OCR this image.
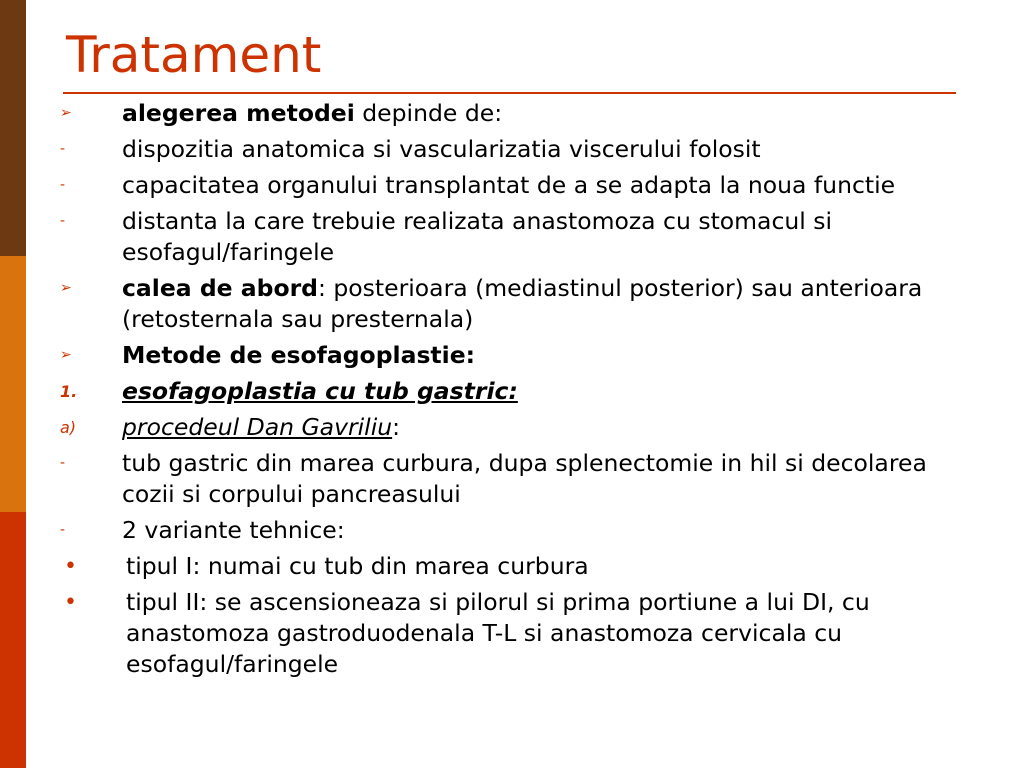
Tratament
➢	alegerea metodei depinde de:
-	dispozitia anatomica si vascularizatia viscerului folosit
-	capacitatea organului transplantat de a se adapta la noua functie
-	distanta la care trebuie realizata anastomoza cu stomacul si esofagul/faringele
➢	calea de abord: posterioara (mediastinul posterior) sau anterioara (retosternala sau presternala)
➢	Metode de esofagoplastie:
1.	esofagoplastia cu tub gastric:
a)	procedeul Dan Gavriliu:
-	tub gastric din marea curbura, dupa splenectomie in hil si decolarea cozii si corpului pancreasului
-	2 variante tehnice:
•	tipul I: numai cu tub din marea curbura
•	tipul II: se ascensioneaza si pilorul si prima portiune a lui DI, cu anastomoza gastroduodenala T-L si anastomoza cervicala cu esofagul/faringele
